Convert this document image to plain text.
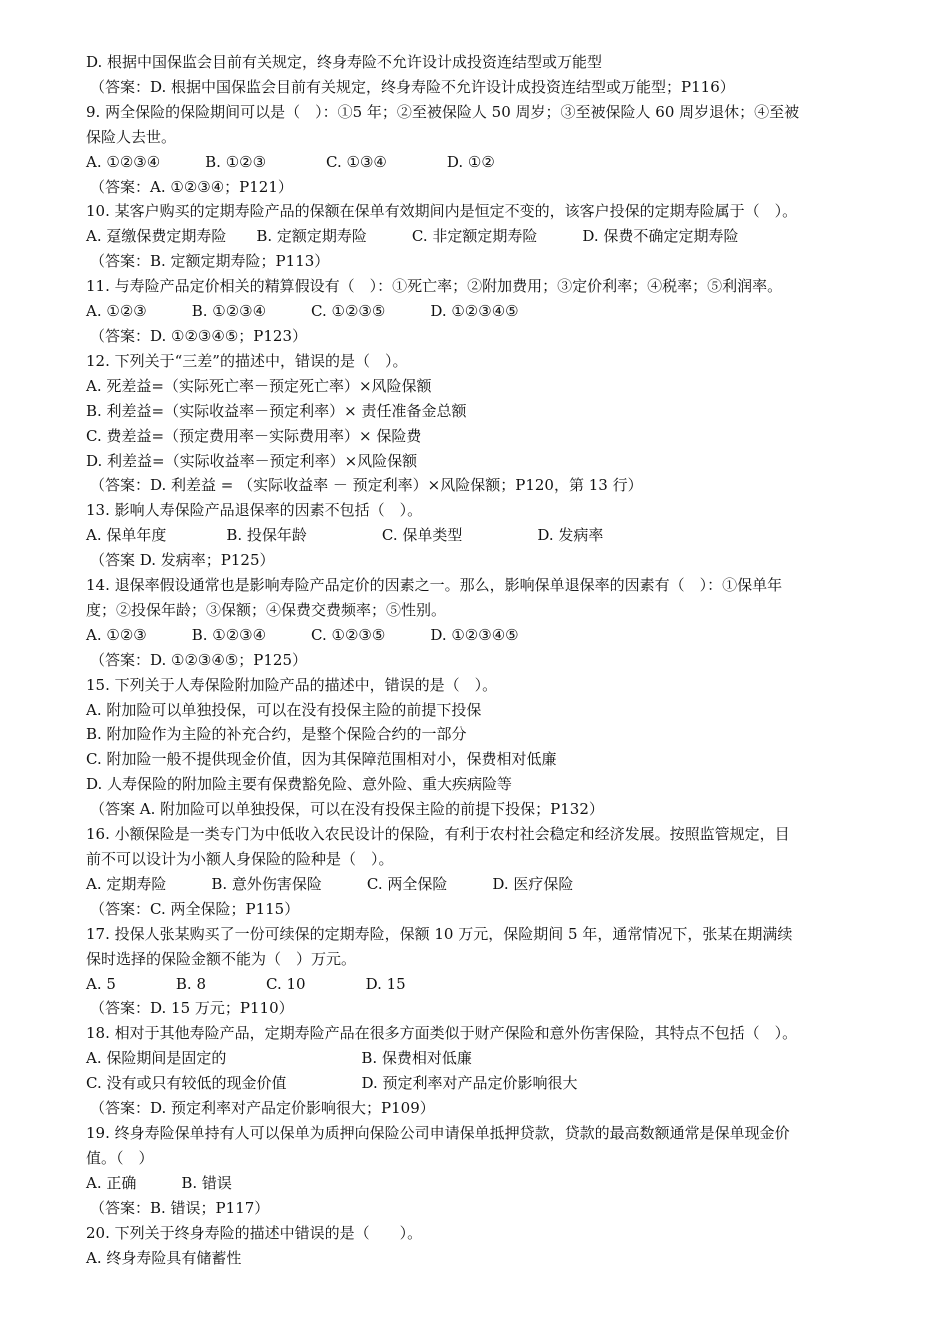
D. 根据中国保监会目前有关规定，终身寿险不允许设计成投资连结型或万能型

（答案：D. 根据中国保监会目前有关规定，终身寿险不允许设计成投资连结型或万能型；P116）

9. 两全保险的保险期间可以是（　）：①5 年；②至被保险人 50 周岁；③至被保险人 60 周岁退休；④至被

保险人去世。

A. ①②③④　　　B. ①②③　　　　C. ①③④　　　　D. ①②

（答案：A. ①②③④；P121）

10. 某客户购买的定期寿险产品的保额在保单有效期间内是恒定不变的，该客户投保的定期寿险属于（　）。

A. 趸缴保费定期寿险　　B. 定额定期寿险　　　C. 非定额定期寿险　　　D. 保费不确定定期寿险

（答案：B. 定额定期寿险；P113）

11. 与寿险产品定价相关的精算假设有（　）：①死亡率；②附加费用；③定价利率；④税率；⑤利润率。

A. ①②③　　　B. ①②③④　　　C. ①②③⑤　　　D. ①②③④⑤

（答案：D. ①②③④⑤；P123）

12. 下列关于“三差”的描述中，错误的是（　）。

A. 死差益=（实际死亡率－预定死亡率）×风险保额

B. 利差益=（实际收益率－预定利率）× 责任准备金总额

C. 费差益=（预定费用率－实际费用率）× 保险费

D. 利差益=（实际收益率－预定利率）×风险保额

（答案：D. 利差益 = （实际收益率 － 预定利率）×风险保额；P120，第 13 行）

13. 影响人寿保险产品退保率的因素不包括（　）。

A. 保单年度　　　　B. 投保年龄　　　　　C. 保单类型　　　　　D. 发病率

（答案 D. 发病率；P125）

14. 退保率假设通常也是影响寿险产品定价的因素之一。那么，影响保单退保率的因素有（　）：①保单年

度；②投保年龄；③保额；④保费交费频率；⑤性别。

A. ①②③　　　B. ①②③④　　　C. ①②③⑤　　　D. ①②③④⑤

（答案：D. ①②③④⑤；P125）

15. 下列关于人寿保险附加险产品的描述中，错误的是（　）。

A. 附加险可以单独投保，可以在没有投保主险的前提下投保

B. 附加险作为主险的补充合约，是整个保险合约的一部分

C. 附加险一般不提供现金价值，因为其保障范围相对小，保费相对低廉

D. 人寿保险的附加险主要有保费豁免险、意外险、重大疾病险等

（答案 A. 附加险可以单独投保，可以在没有投保主险的前提下投保；P132）

16. 小额保险是一类专门为中低收入农民设计的保险，有利于农村社会稳定和经济发展。按照监管规定，目

前不可以设计为小额人身保险的险种是（　）。

A. 定期寿险　　　B. 意外伤害保险　　　C. 两全保险　　　D. 医疗保险

（答案：C. 两全保险；P115）

17. 投保人张某购买了一份可续保的定期寿险，保额 10 万元，保险期间 5 年，通常情况下，张某在期满续

保时选择的保险金额不能为（　）万元。

A. 5　　　　B. 8　　　　C. 10　　　　D. 15

（答案：D. 15 万元；P110）

18. 相对于其他寿险产品，定期寿险产品在很多方面类似于财产保险和意外伤害保险，其特点不包括（　）。

A. 保险期间是固定的　　　　　　　　　B. 保费相对低廉

C. 没有或只有较低的现金价值　　　　　D. 预定利率对产品定价影响很大

（答案：D. 预定利率对产品定价影响很大；P109）

19. 终身寿险保单持有人可以保单为质押向保险公司申请保单抵押贷款，贷款的最高数额通常是保单现金价

值。（　）

A. 正确　　　B. 错误

（答案：B. 错误；P117）

20. 下列关于终身寿险的描述中错误的是（　　）。

A. 终身寿险具有储蓄性
